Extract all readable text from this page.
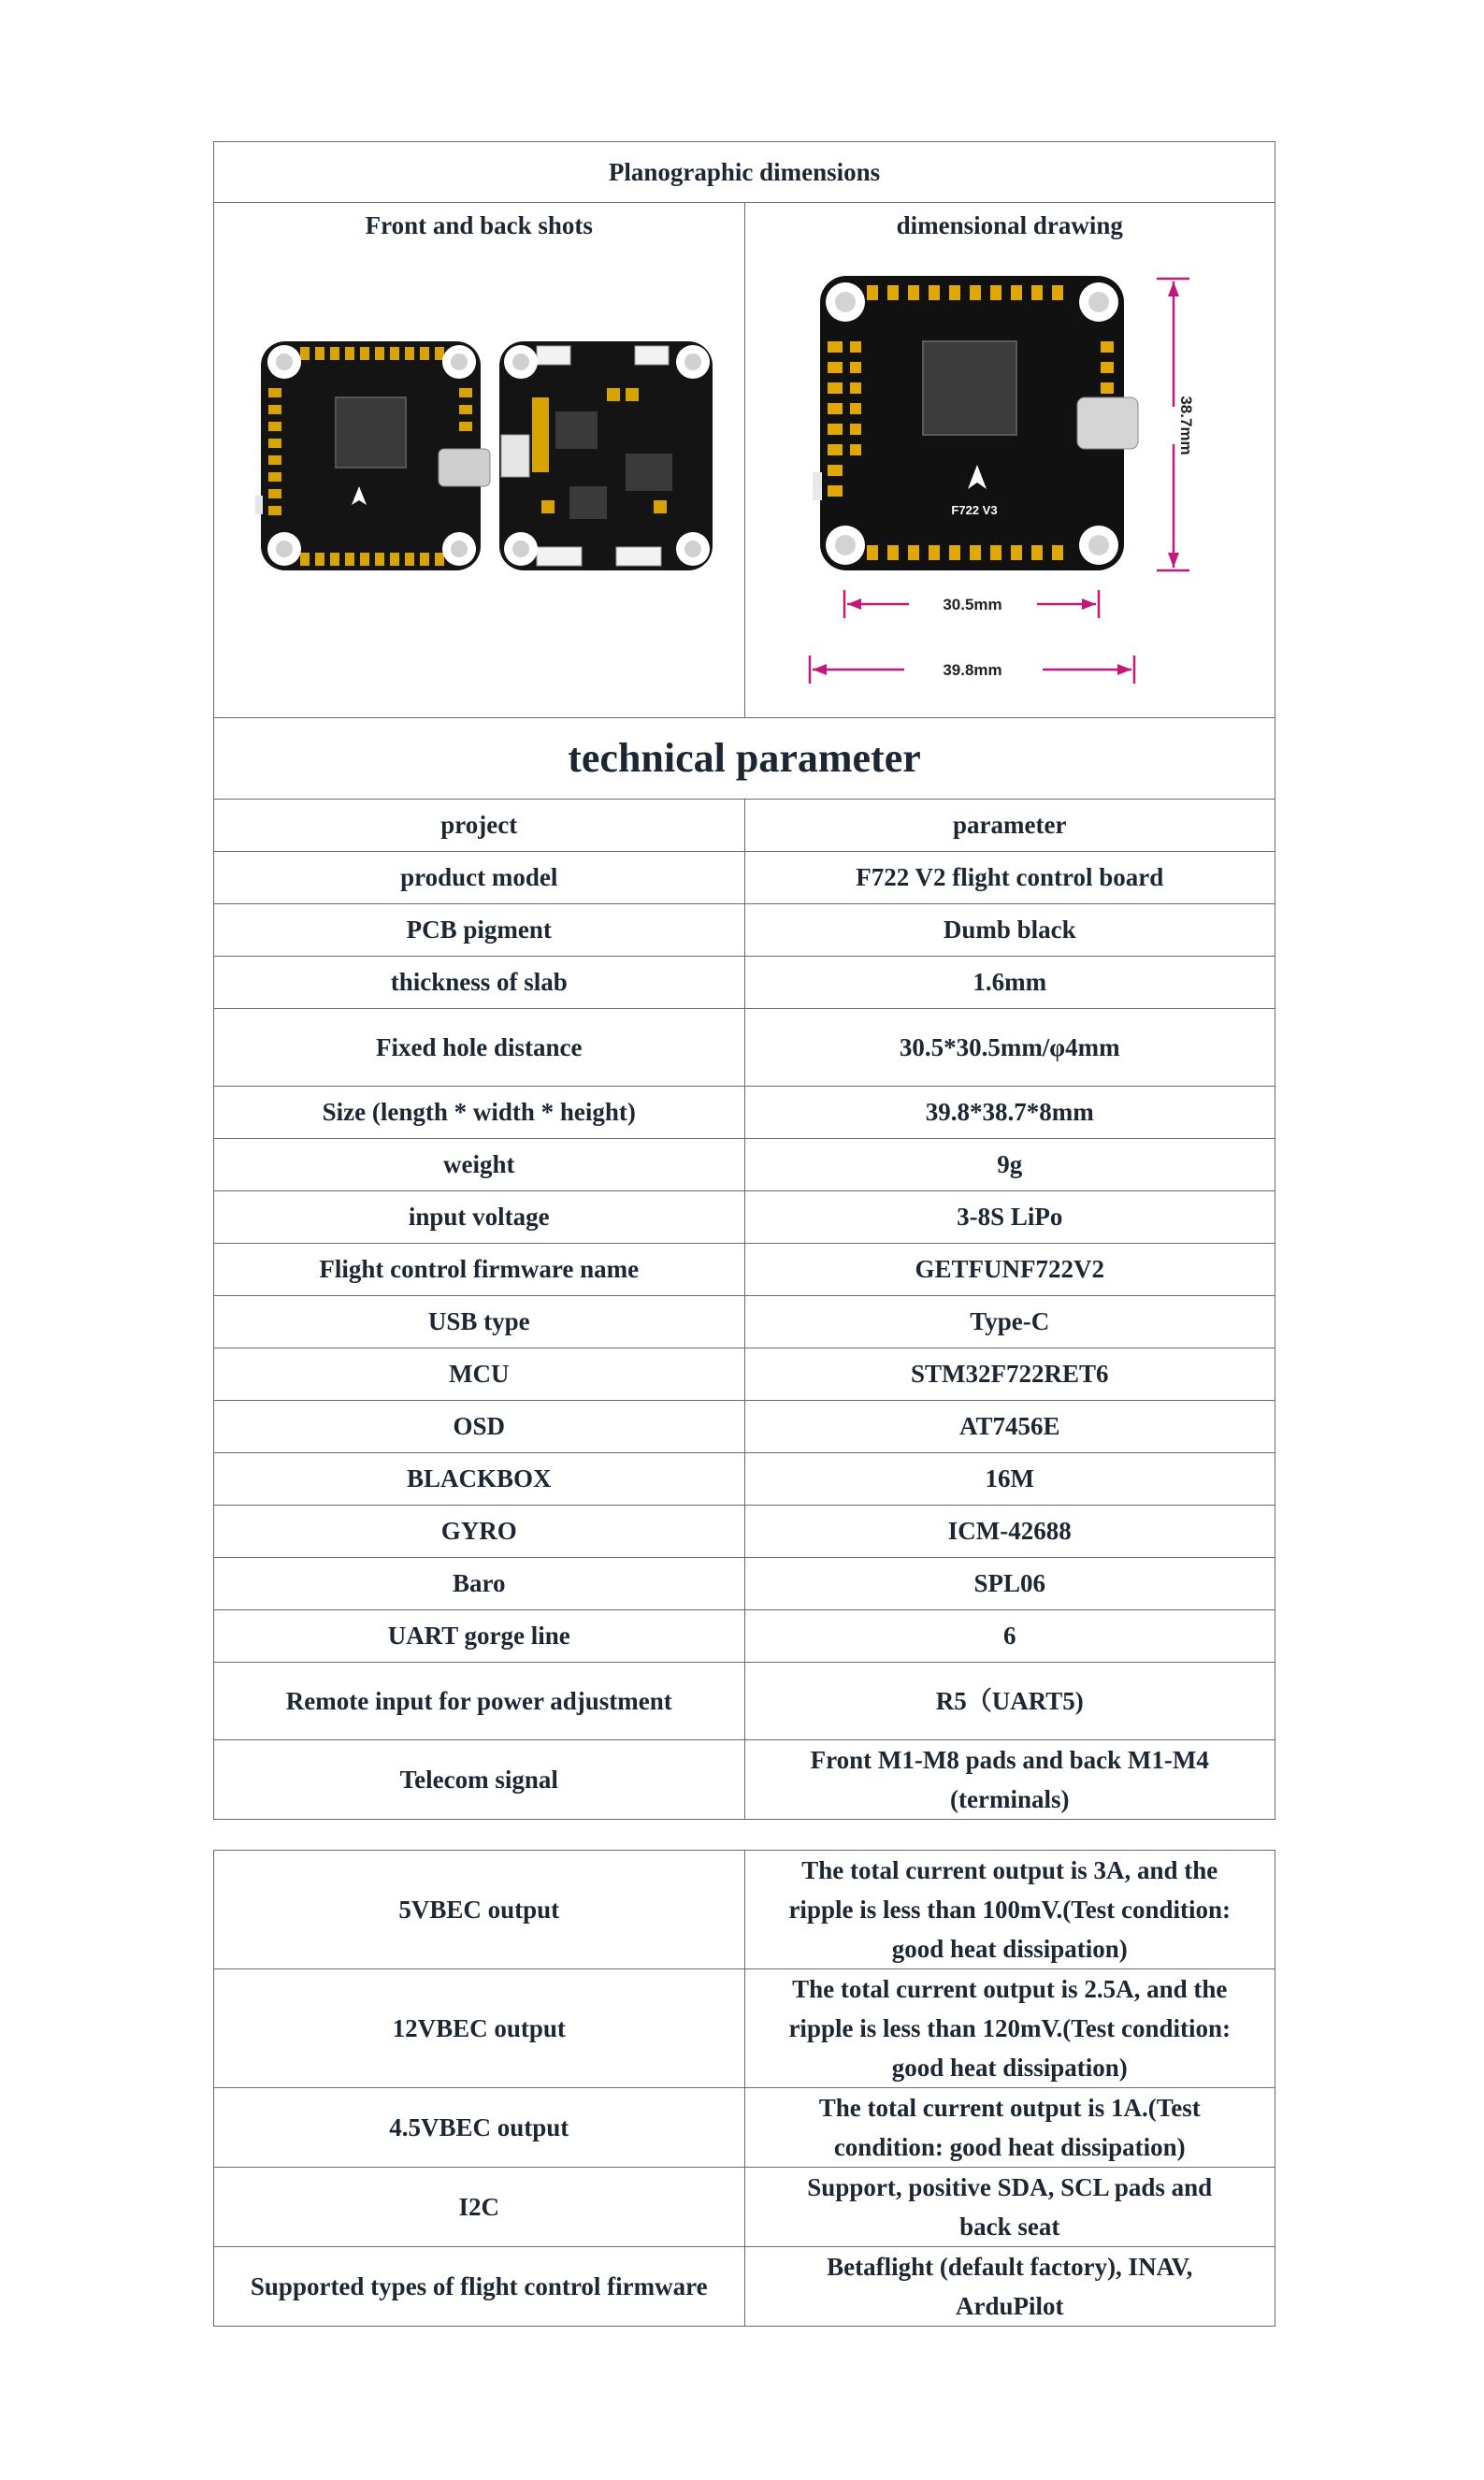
Planographic dimensions

Front and back shots	dimensional drawing
F722 V3
38.7mm
30.5mm
39.8mm
technical parameter	
project	parameter
product model	F722 V2 flight control board
PCB pigment	Dumb black
thickness of slab	1.6mm
Fixed hole distance	30.5*30.5mm/φ4mm
Size (length * width * height)	39.8*38.7*8mm
weight	9g
input voltage	3-8S LiPo
Flight control firmware name	GETFUNF722V2
USB type	Type-C
MCU	STM32F722RET6
OSD	AT7456E
BLACKBOX	16M
GYRO	ICM-42688
Baro	SPL06
UART gorge line	6
Remote input for power adjustment	R5（UART5)
Telecom signal	Front M1-M8 pads and back M1-M4
(terminals)
5VBEC output	The total current output is 3A, and the
ripple is less than 100mV.(Test condition:
good heat dissipation)

12VBEC output	The total current output is 2.5A, and the
ripple is less than 120mV.(Test condition:
good heat dissipation)

4.5VBEC output	The total current output is 1A.(Test
condition: good heat dissipation)

I2C	Support, positive SDA, SCL pads and
back seat

Supported types of flight control firmware	Betaflight (default factory), INAV,
ArduPilot
